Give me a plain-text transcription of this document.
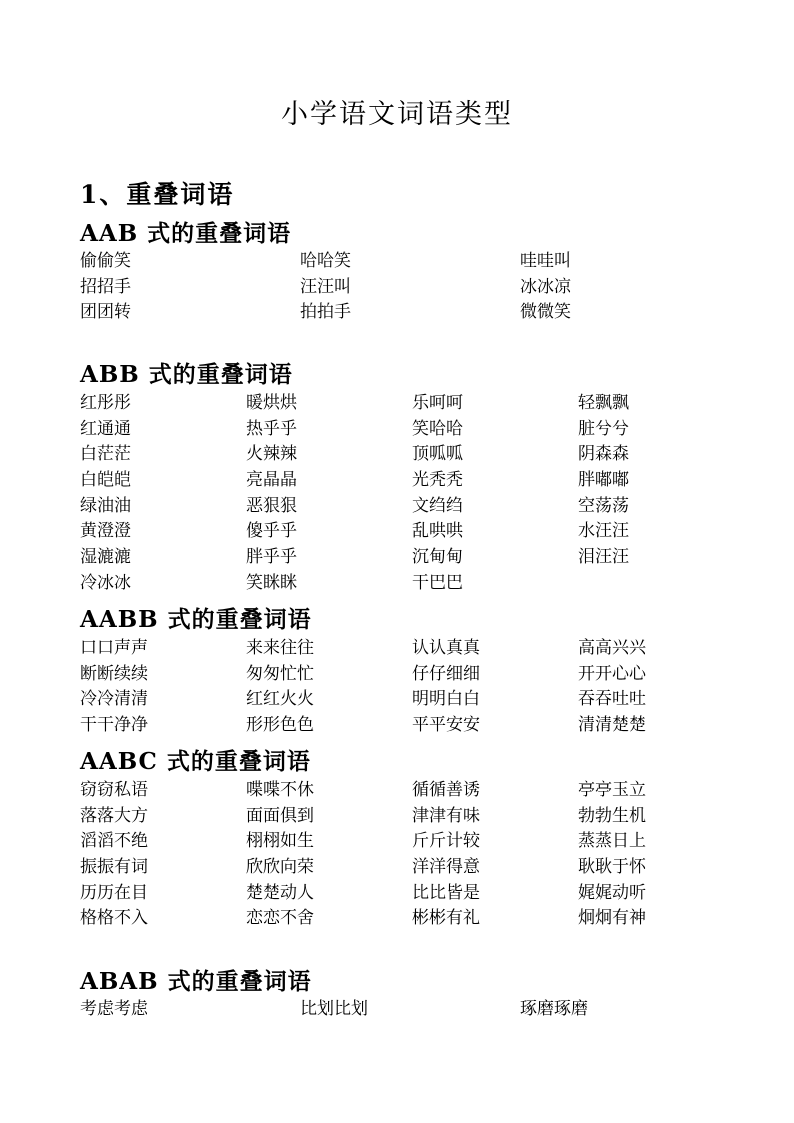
小学语文词语类型
1、重叠词语
AAB 式的重叠词语
偷偷笑	哈哈笑	哇哇叫
招招手	汪汪叫	冰冰凉
团团转	拍拍手	微微笑
ABB 式的重叠词语
红彤彤	暖烘烘	乐呵呵	轻飘飘
红通通	热乎乎	笑哈哈	脏兮兮
白茫茫	火辣辣	顶呱呱	阴森森
白皑皑	亮晶晶	光秃秃	胖嘟嘟
绿油油	恶狠狠	文绉绉	空荡荡
黄澄澄	傻乎乎	乱哄哄	水汪汪
湿漉漉	胖乎乎	沉甸甸	泪汪汪
冷冰冰	笑眯眯	干巴巴
AABB 式的重叠词语
口口声声	来来往往	认认真真	高高兴兴
断断续续	匆匆忙忙	仔仔细细	开开心心
冷冷清清	红红火火	明明白白	吞吞吐吐
干干净净	形形色色	平平安安	清清楚楚
AABC 式的重叠词语
窃窃私语	喋喋不休	循循善诱	亭亭玉立
落落大方	面面俱到	津津有味	勃勃生机
滔滔不绝	栩栩如生	斤斤计较	蒸蒸日上
振振有词	欣欣向荣	洋洋得意	耿耿于怀
历历在目	楚楚动人	比比皆是	娓娓动听
格格不入	恋恋不舍	彬彬有礼	炯炯有神
ABAB 式的重叠词语
考虑考虑	比划比划	琢磨琢磨
